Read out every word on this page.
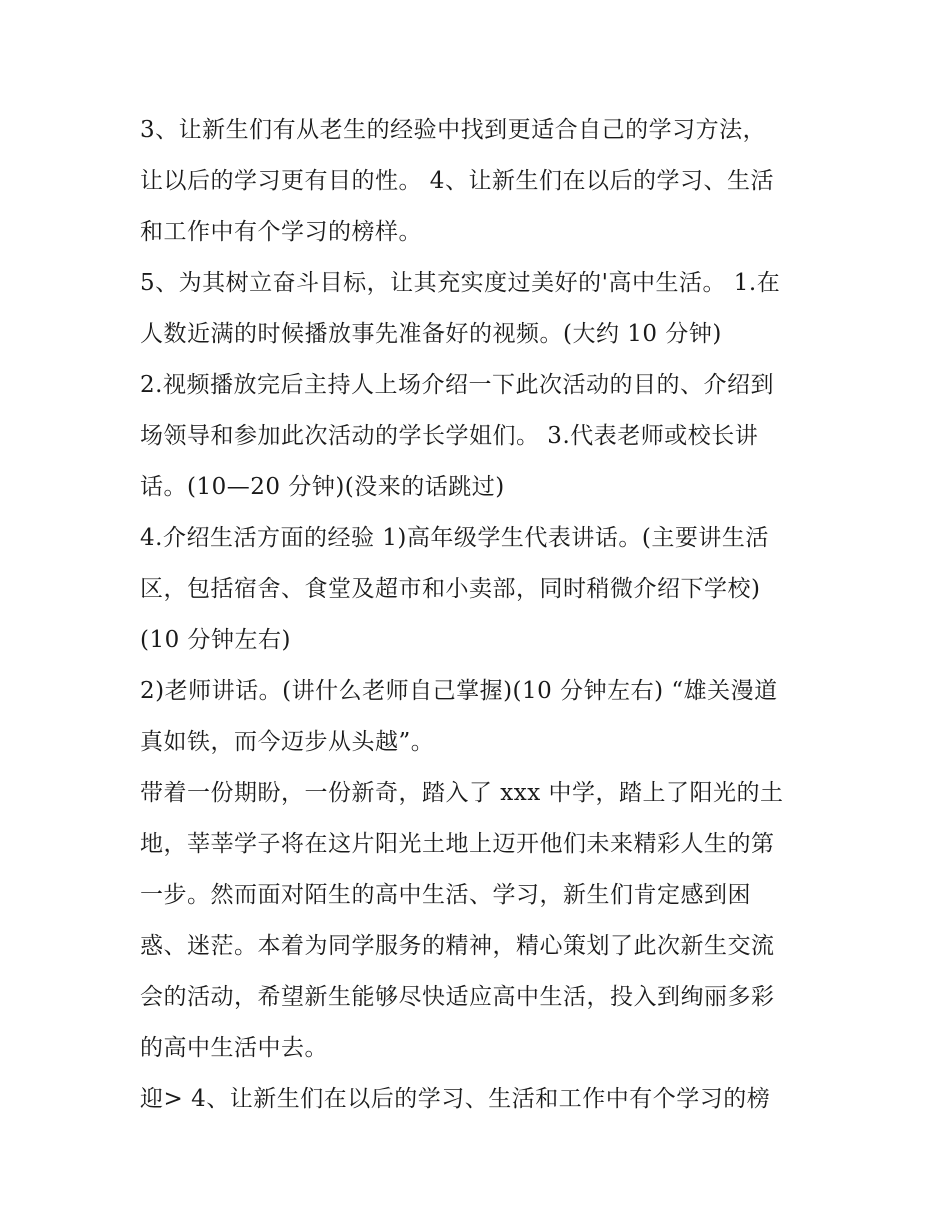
3、让新生们有从老生的经验中找到更适合自己的学习方法，
让以后的学习更有目的性。 4、让新生们在以后的学习、生活
和工作中有个学习的榜样。
5、为其树立奋斗目标，让其充实度过美好的'高中生活。 1.在
人数近满的时候播放事先准备好的视频。(大约 10 分钟)
2.视频播放完后主持人上场介绍一下此次活动的目的、介绍到
场领导和参加此次活动的学长学姐们。 3.代表老师或校长讲
话。(10—20 分钟)(没来的话跳过)
4.介绍生活方面的经验 1)高年级学生代表讲话。(主要讲生活
区，包括宿舍、食堂及超市和小卖部，同时稍微介绍下学校)
(10 分钟左右)
2)老师讲话。(讲什么老师自己掌握)(10 分钟左右) “雄关漫道
真如铁，而今迈步从头越”。
带着一份期盼，一份新奇，踏入了 xxx 中学，踏上了阳光的土
地，莘莘学子将在这片阳光土地上迈开他们未来精彩人生的第
一步。然而面对陌生的高中生活、学习，新生们肯定感到困
惑、迷茫。本着为同学服务的精神，精心策划了此次新生交流
会的活动，希望新生能够尽快适应高中生活，投入到绚丽多彩
的高中生活中去。
迎> 4、让新生们在以后的学习、生活和工作中有个学习的榜
